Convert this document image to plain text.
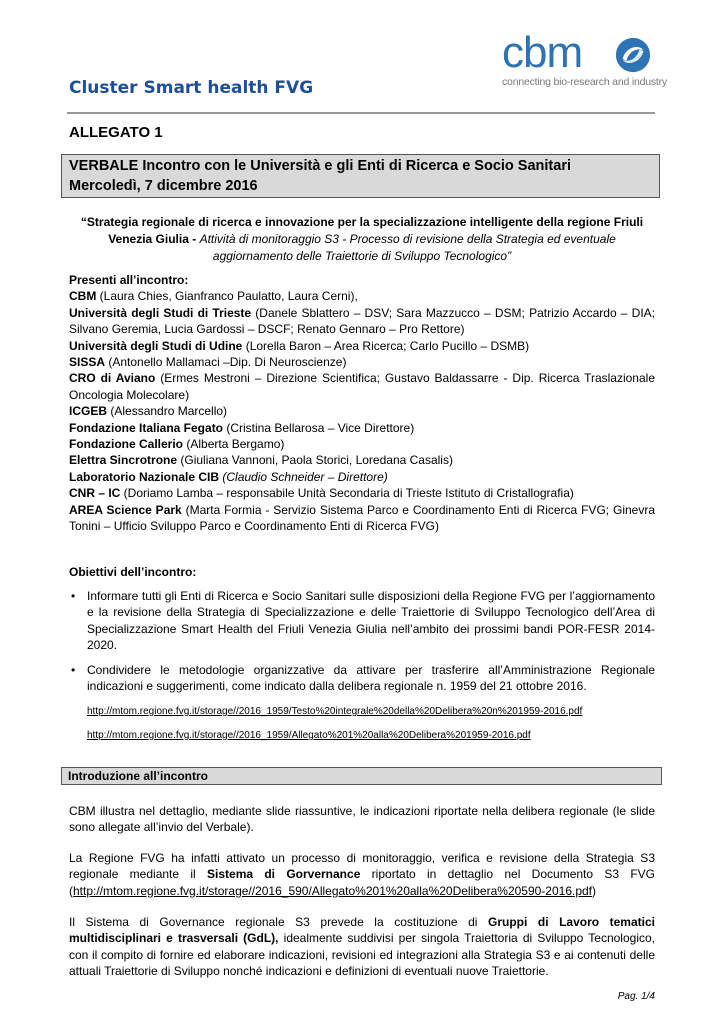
cbm
connecting bio-research and industry
Cluster Smart health FVG
ALLEGATO 1
VERBALE Incontro con le Università e gli Enti di Ricerca e Socio Sanitari
Mercoledì, 7 dicembre 2016
“Strategia regionale di ricerca e innovazione per la specializzazione intelligente della regione Friuli Venezia Giulia - Attività di monitoraggio S3 - Processo di revisione della Strategia ed eventuale aggiornamento delle Traiettorie di Sviluppo Tecnologico”

Presenti all’incontro:

CBM (Laura Chies, Gianfranco Paulatto, Laura Cerni),

Università degli Studi di Trieste (Danele Sblattero – DSV; Sara Mazzucco – DSM; Patrizio Accardo – DIA; Silvano Geremia, Lucia Gardossi – DSCF; Renato Gennaro – Pro Rettore)

Università degli Studi di Udine (Lorella Baron – Area Ricerca; Carlo Pucillo – DSMB)

SISSA (Antonello Mallamaci –Dip. Di Neuroscienze)

CRO di Aviano (Ermes Mestroni – Direzione Scientifica; Gustavo Baldassarre - Dip. Ricerca Traslazionale Oncologia Molecolare)

ICGEB (Alessandro Marcello)

Fondazione Italiana Fegato (Cristina Bellarosa – Vice Direttore)

Fondazione Callerio (Alberta Bergamo)

Elettra Sincrotrone (Giuliana Vannoni, Paola Storici, Loredana Casalis)

Laboratorio Nazionale CIB (Claudio Schneider – Direttore)

CNR – IC (Doriamo Lamba – responsabile Unità Secondaria di Trieste Istituto di Cristallografia)

AREA Science Park (Marta Formia - Servizio Sistema Parco e Coordinamento Enti di Ricerca FVG; Ginevra Tonini – Ufficio Sviluppo Parco e Coordinamento Enti di Ricerca FVG)

Obiettivi dell’incontro:
• Informare tutti gli Enti di Ricerca e Socio Sanitari sulle disposizioni della Regione FVG per l’aggiornamento e la revisione della Strategia di Specializzazione e delle Traiettorie di Sviluppo Tecnologico dell’Area di Specializzazione Smart Health del Friuli Venezia Giulia nell’ambito dei prossimi bandi POR-FESR 2014-2020.
• Condividere le metodologie organizzative da attivare per trasferire all’Amministrazione Regionale indicazioni e suggerimenti, come indicato dalla delibera regionale n. 1959 del 21 ottobre 2016.
http://mtom.regione.fvg.it/storage//2016_1959/Testo%20integrale%20della%20Delibera%20n%201959-2016.pdf
http://mtom.regione.fvg.it/storage//2016_1959/Allegato%201%20alla%20Delibera%201959-2016.pdf
Introduzione all’incontro

CBM illustra nel dettaglio, mediante slide riassuntive, le indicazioni riportate nella delibera regionale (le slide sono allegate all’invio del Verbale).

La Regione FVG ha infatti attivato un processo di monitoraggio, verifica e revisione della Strategia S3 regionale mediante il Sistema di Gorvernance riportato in dettaglio nel Documento S3 FVG (http://mtom.regione.fvg.it/storage//2016_590/Allegato%201%20alla%20Delibera%20590-2016.pdf)

Il Sistema di Governance regionale S3 prevede la costituzione di Gruppi di Lavoro tematici multidisciplinari e trasversali (GdL), idealmente suddivisi per singola Traiettoria di Sviluppo Tecnologico, con il compito di fornire ed elaborare indicazioni, revisioni ed integrazioni alla Strategia S3 e ai contenuti delle attuali Traiettorie di Sviluppo nonché indicazioni e definizioni di eventuali nuove Traiettorie.

Pag. 1/4
